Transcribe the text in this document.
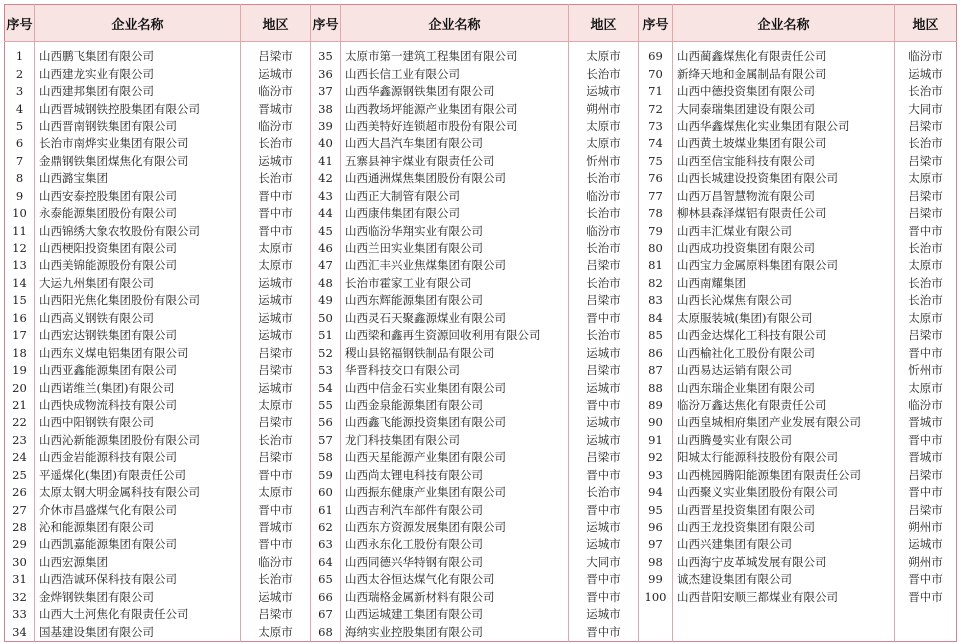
序号	企业名称	地区	序号	企业名称	地区	序号	企业名称	地区
1	山西鹏飞集团有限公司	吕梁市	35	太原市第一建筑工程集团有限公司	太原市	69	山西蔺鑫煤焦化有限责任公司	临汾市
2	山西建龙实业有限公司	运城市	36	山西长信工业有限公司	长治市	70	新绛天地和金属制品有限公司	运城市
3	山西建邦集团有限公司	临汾市	37	山西华鑫源钢铁集团有限公司	运城市	71	山西中德投资集团有限公司	长治市
4	山西晋城钢铁控股集团有限公司	晋城市	38	山西教场坪能源产业集团有限公司	朔州市	72	大同泰瑞集团建设有限公司	大同市
5	山西晋南钢铁集团有限公司	临汾市	39	山西美特好连锁超市股份有限公司	太原市	73	山西华鑫煤焦化实业集团有限公司	吕梁市
6	长治市南烨实业集团有限公司	长治市	40	山西大昌汽车集团有限公司	太原市	74	山西黄土坡煤业集团有限公司	长治市
7	金鼎钢铁集团煤焦化有限公司	运城市	41	五寨县神宇煤业有限责任公司	忻州市	75	山西至信宝能科技有限公司	吕梁市
8	山西潞宝集团	长治市	42	山西通洲煤焦集团股份有限公司	长治市	76	山西长城建设投资集团有限公司	太原市
9	山西安泰控股集团有限公司	晋中市	43	山西正大制管有限公司	临汾市	77	山西万昌智慧物流有限公司	吕梁市
10	永泰能源集团股份有限公司	晋中市	44	山西康伟集团有限公司	长治市	78	柳林县森泽煤铝有限责任公司	吕梁市
11	山西锦绣大象农牧股份有限公司	晋中市	45	山西临汾华翔实业有限公司	临汾市	79	山西丰汇煤业有限公司	晋中市
12	山西梗阳投资集团有限公司	太原市	46	山西兰田实业集团有限公司	长治市	80	山西成功投资集团有限公司	长治市
13	山西美锦能源股份有限公司	太原市	47	山西汇丰兴业焦煤集团有限公司	吕梁市	81	山西宝力金属原料集团有限公司	太原市
14	大运九州集团有限公司	运城市	48	长治市霍家工业有限公司	长治市	82	山西南耀集团	长治市
15	山西阳光焦化集团股份有限公司	运城市	49	山西东辉能源集团有限公司	吕梁市	83	山西长沁煤焦有限公司	长治市
16	山西高义钢铁有限公司	运城市	50	山西灵石天聚鑫源煤业有限公司	晋中市	84	太原服装城(集团)有限公司	太原市
17	山西宏达钢铁集团有限公司	运城市	51	山西梁和鑫再生资源回收利用有限公司	长治市	85	山西金达煤化工科技有限公司	吕梁市
18	山西东义煤电铝集团有限公司	吕梁市	52	稷山县铭福钢铁制品有限公司	运城市	86	山西榆社化工股份有限公司	晋中市
19	山西亚鑫能源集团有限公司	吕梁市	53	华晋科技交口有限公司	吕梁市	87	山西易达运销有限公司	忻州市
20	山西诺维兰(集团)有限公司	运城市	54	山西中信金石实业集团有限公司	运城市	88	山西东瑞企业集团有限公司	太原市
21	山西快成物流科技有限公司	太原市	55	山西金泉能源集团有限公司	晋中市	89	临汾万鑫达焦化有限责任公司	临汾市
22	山西中阳钢铁有限公司	吕梁市	56	山西鑫飞能源投资集团有限公司	运城市	90	山西皇城相府集团产业发展有限公司	晋城市
23	山西沁新能源集团股份有限公司	长治市	57	龙门科技集团有限公司	运城市	91	山西腾曼实业有限公司	晋中市
24	山西金岩能源科技有限公司	吕梁市	58	山西天星能源产业集团有限公司	吕梁市	92	阳城太行能源科技股份有限公司	晋城市
25	平遥煤化(集团)有限责任公司	晋中市	59	山西尚太锂电科技有限公司	晋中市	93	山西桃园腾阳能源集团有限责任公司	吕梁市
26	太原太钢大明金属科技有限公司	太原市	60	山西振东健康产业集团有限公司	长治市	94	山西聚义实业集团股份有限公司	晋中市
27	介休市昌盛煤气化有限公司	晋中市	61	山西吉利汽车部件有限公司	晋中市	95	山西晋星投资集团有限公司	吕梁市
28	沁和能源集团有限公司	晋城市	62	山西东方资源发展集团有限公司	运城市	96	山西王龙投资集团有限公司	朔州市
29	山西凯嘉能源集团有限公司	晋中市	63	山西永东化工股份有限公司	运城市	97	山西兴建集团有限公司	运城市
30	山西宏源集团	临汾市	64	山西同德兴华特钢有限公司	大同市	98	山西海宁皮革城发展有限公司	朔州市
31	山西浩诚环保科技有限公司	长治市	65	山西太谷恒达煤气化有限公司	晋中市	99	诚杰建设集团有限公司	晋中市
32	金烨钢铁集团有限公司	运城市	66	山西瑞格金属新材料有限公司	晋中市	100	山西昔阳安顺三都煤业有限公司	晋中市
33	山西大土河焦化有限责任公司	吕梁市	67	山西运城建工集团有限公司	运城市			
34	国基建设集团有限公司	太原市	68	海纳实业控股集团有限公司	晋中市			
